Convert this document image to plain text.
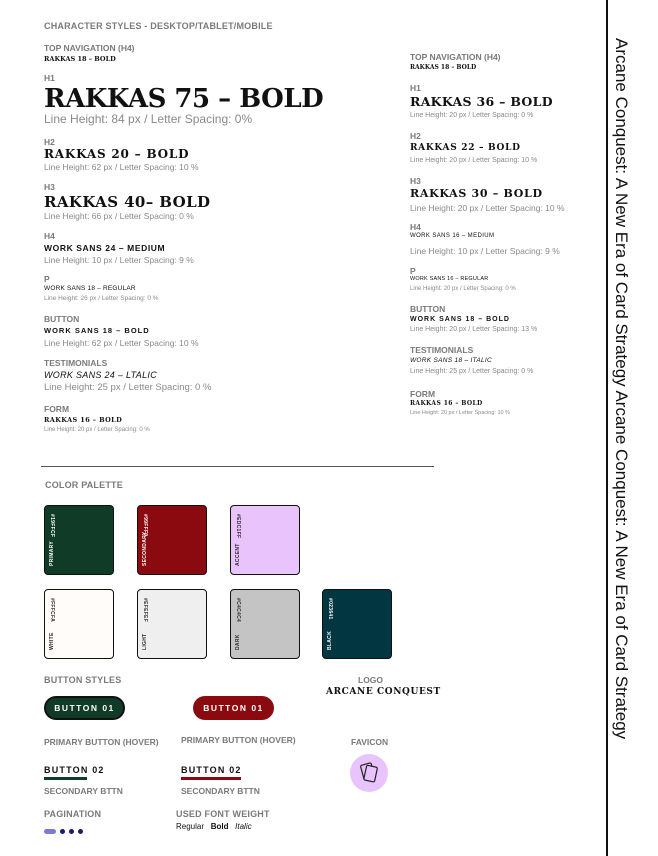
CHARACTER STYLES - DESKTOP/TABLET/MOBILE
TOP NAVIGATION (H4)
RAKKAS 18 – BOLD
H1
RAKKAS 75 – BOLD
Line Height: 84 px / Letter Spacing: 0%
H2
RAKKAS 20 – BOLD
Line Height: 62 px / Letter Spacing: 10 %
H3
RAKKAS 40– BOLD
Line Height: 66 px / Letter Spacing: 0 %
H4
WORK SANS 24 – MEDIUM
Line Height: 10 px / Letter Spacing: 9 %
P
WORK SANS 18 – REGULAR
Line Height: 26 px / Letter Spacing: 0 %
BUTTON
WORK SANS 18 – BOLD
Line Height: 62 px / Letter Spacing: 10 %
TESTIMONIALS
WORK SANS 24 – LTALIC
Line Height: 25 px / Letter Spacing: 0 %
FORM
RAKKAS 16 – BOLD
Line Height: 20 px / Letter Spacing: 0 %
TOP NAVIGATION (H4)
RAKKAS 18 – BOLD
H1
RAKKAS 36 – BOLD
Line Height: 20 px / Letter Spacing: 0 %
H2
RAKKAS 22 – BOLD
Line Height: 20 px / Letter Spacing: 10 %
H3
RAKKAS 30 – BOLD
Line Height: 20 px / Letter Spacing: 10 %
H4
WORK SANS 16 – MEDIUM
Line Height: 10 px / Letter Spacing: 9 %
P
WORK SANS 16 – REGULAR
Line Height: 20 px / Letter Spacing: 0 %
BUTTON
WORK SANS 18 – BOLD
Line Height: 20 px / Letter Spacing: 13 %
TESTIMONIALS
WORK SANS 18 – ITALIC
Line Height: 25 px / Letter Spacing: 0 %
FORM
RAKKAS 16 – BOLD
Line Height: 20 px / Letter Spacing: 10 %	Arcane Conquest: A New Era of Card Strategy Arcane Conquest: A New Era of Card Strategy
COLOR PALETTE
#19FFCF
PRIMARY
#99FFF9
SECONDARY
#EDC1FF
ACCENT
#FFFCFA
WHITE
#EFEFEF
LIGHT
#C4C4C4
DARK
#023641
BLACK
BUTTON STYLES
BUTTON 01	BUTTON 01
PRIMARY BUTTON (HOVER)	PRIMARY BUTTON (HOVER)
BUTTON 02	BUTTON 02
SECONDARY BTTN	SECONDARY BTTN
LOGO
ARCANE CONQUEST
FAVICON
PAGINATION	USED FONT WEIGHT
Regular Bold Italic
